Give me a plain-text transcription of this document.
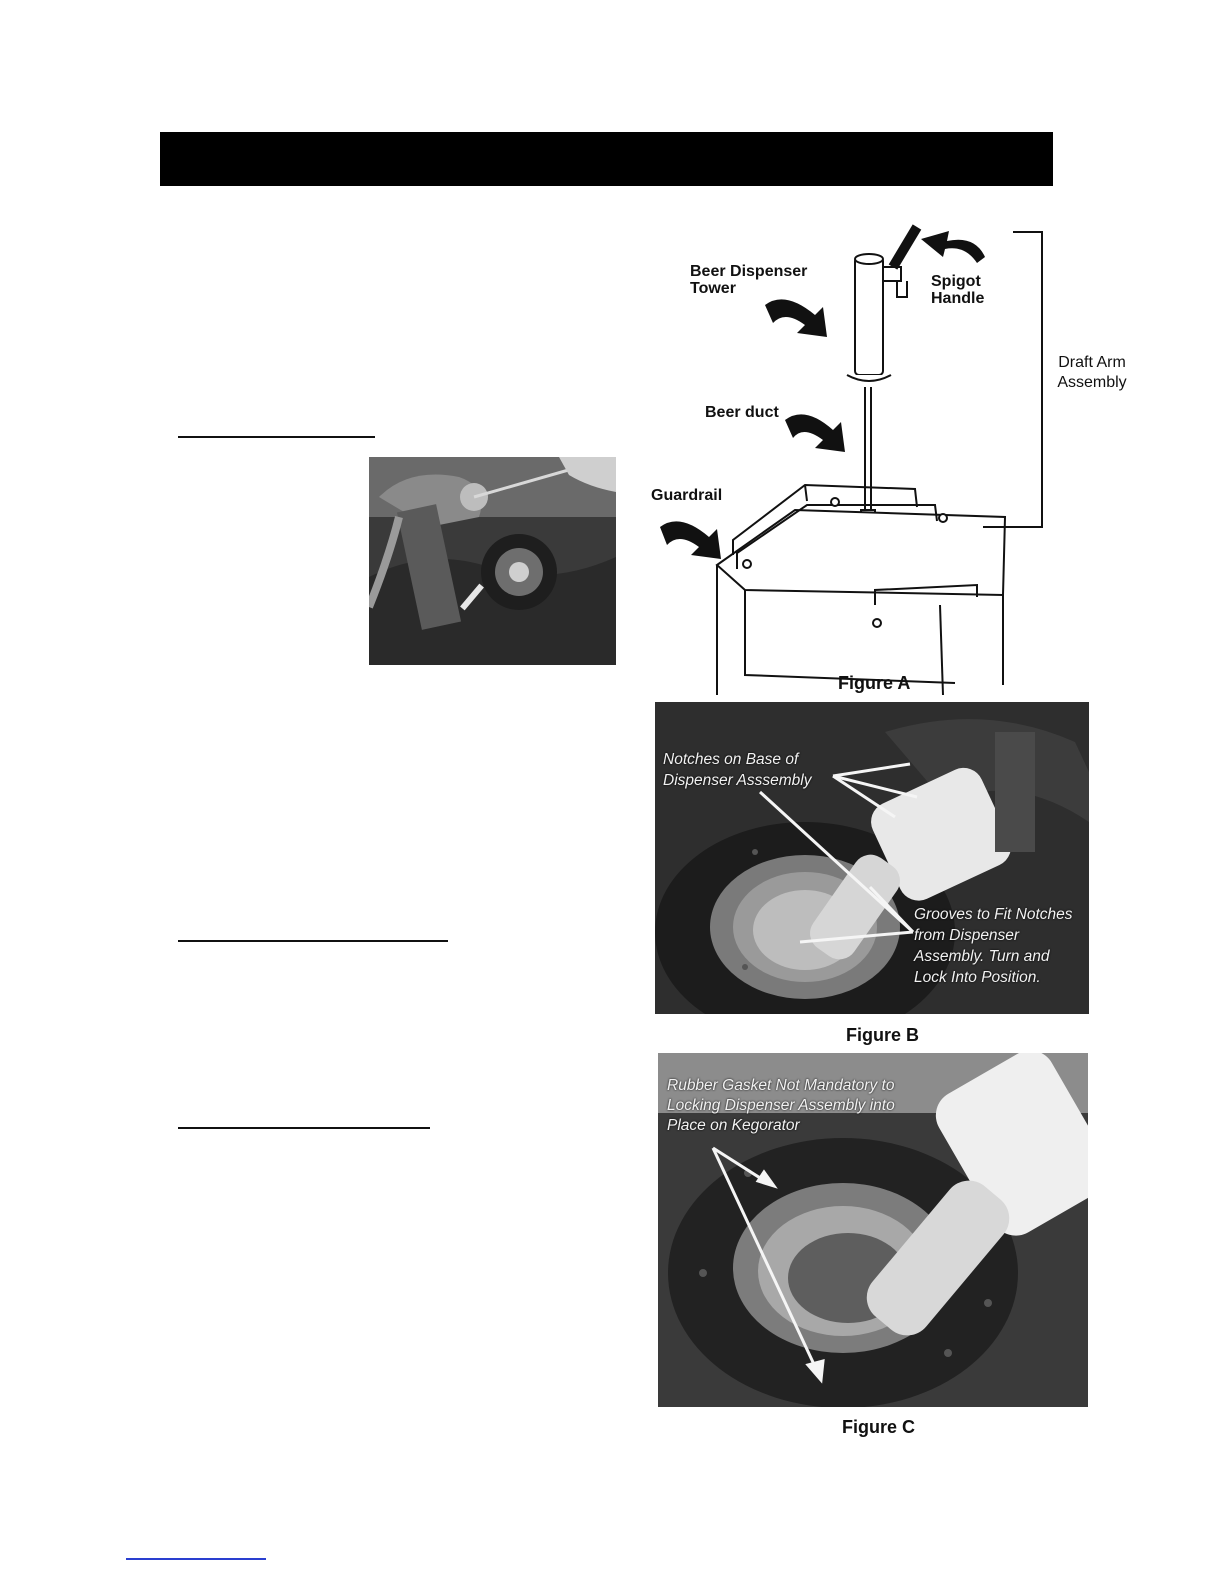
Beer Dispenser Tower	Spigot Handle
Draft Arm Assembly
Beer duct
Guardrail
Figure A
Notches on Base of Dispenser Asssembly
Grooves to Fit Notches from Dispenser Assembly. Turn and Lock Into Position.
Figure B
Rubber Gasket Not Mandatory to Locking Dispenser Assembly into Place on Kegorator
Figure C
